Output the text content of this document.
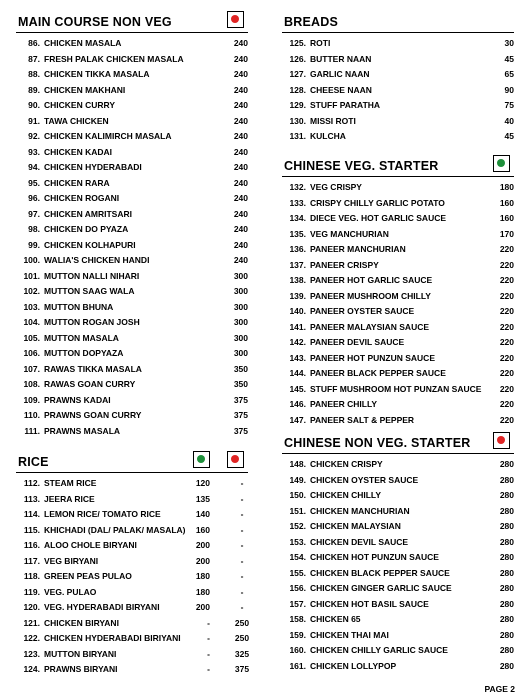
MAIN COURSE NON VEG
86. CHICKEN MASALA	240
87. FRESH PALAK CHICKEN MASALA	240
88. CHICKEN TIKKA MASALA	240
89. CHICKEN MAKHANI	240
90. CHICKEN CURRY	240
91. TAWA CHICKEN	240
92. CHICKEN KALIMIRCH MASALA	240
93. CHICKEN KADAI	240
94. CHICKEN HYDERABADI	240
95. CHICKEN RARA	240
96. CHICKEN ROGANI	240
97. CHICKEN AMRITSARI	240
98. CHICKEN DO PYAZA	240
99. CHICKEN KOLHAPURI	240
100. WALIA'S CHICKEN HANDI	240
101. MUTTON NALLI NIHARI	300
102. MUTTON SAAG WALA	300
103. MUTTON BHUNA	300
104. MUTTON ROGAN JOSH	300
105. MUTTON MASALA	300
106. MUTTON DOPYAZA	300
107. RAWAS TIKKA MASALA	350
108. RAWAS GOAN CURRY	350
109. PRAWNS KADAI	375
110. PRAWNS GOAN CURRY	375
111. PRAWNS MASALA	375
RICE
112. STEAM RICE	120	-
113. JEERA RICE	135	-
114. LEMON RICE/ TOMATO RICE	140	-
115. KHICHADI (DAL/ PALAK/ MASALA)	160	-
116. ALOO CHOLE BIRYANI	200	-
117. VEG BIRYANI	200	-
118. GREEN PEAS PULAO	180	-
119. VEG. PULAO	180	-
120. VEG. HYDERABADI BIRYANI	200	-
121. CHICKEN BIRYANI	-	250
122. CHICKEN HYDERABADI BIRIYANI	-	250
123. MUTTON BIRYANI	-	325
124. PRAWNS BIRYANI	-	375
BREADS
125. ROTI	30
126. BUTTER NAAN	45
127. GARLIC NAAN	65
128. CHEESE NAAN	90
129. STUFF PARATHA	75
130. MISSI ROTI	40
131. KULCHA	45
CHINESE VEG. STARTER
132. VEG CRISPY	180
133. CRISPY CHILLY GARLIC POTATO	160
134. DIECE VEG. HOT GARLIC SAUCE	160
135. VEG MANCHURIAN	170
136. PANEER MANCHURIAN	220
137. PANEER CRISPY	220
138. PANEER HOT GARLIC SAUCE	220
139. PANEER MUSHROOM CHILLY	220
140. PANEER OYSTER SAUCE	220
141. PANEER MALAYSIAN SAUCE	220
142. PANEER DEVIL SAUCE	220
143. PANEER HOT PUNZUN SAUCE	220
144. PANEER BLACK PEPPER SAUCE	220
145. STUFF MUSHROOM HOT PUNZAN SAUCE	220
146. PANEER CHILLY	220
147. PANEER SALT & PEPPER	220
CHINESE NON VEG. STARTER
148. CHICKEN CRISPY	280
149. CHICKEN OYSTER SAUCE	280
150. CHICKEN CHILLY	280
151. CHICKEN MANCHURIAN	280
152. CHICKEN MALAYSIAN	280
153. CHICKEN DEVIL SAUCE	280
154. CHICKEN HOT PUNZUN SAUCE	280
155. CHICKEN BLACK PEPPER SAUCE	280
156. CHICKEN GINGER GARLIC SAUCE	280
157. CHICKEN HOT BASIL SAUCE	280
158. CHICKEN 65	280
159. CHICKEN THAI MAI	280
160. CHICKEN CHILLY GARLIC SAUCE	280
161. CHICKEN LOLLYPOP	280
PAGE 2
